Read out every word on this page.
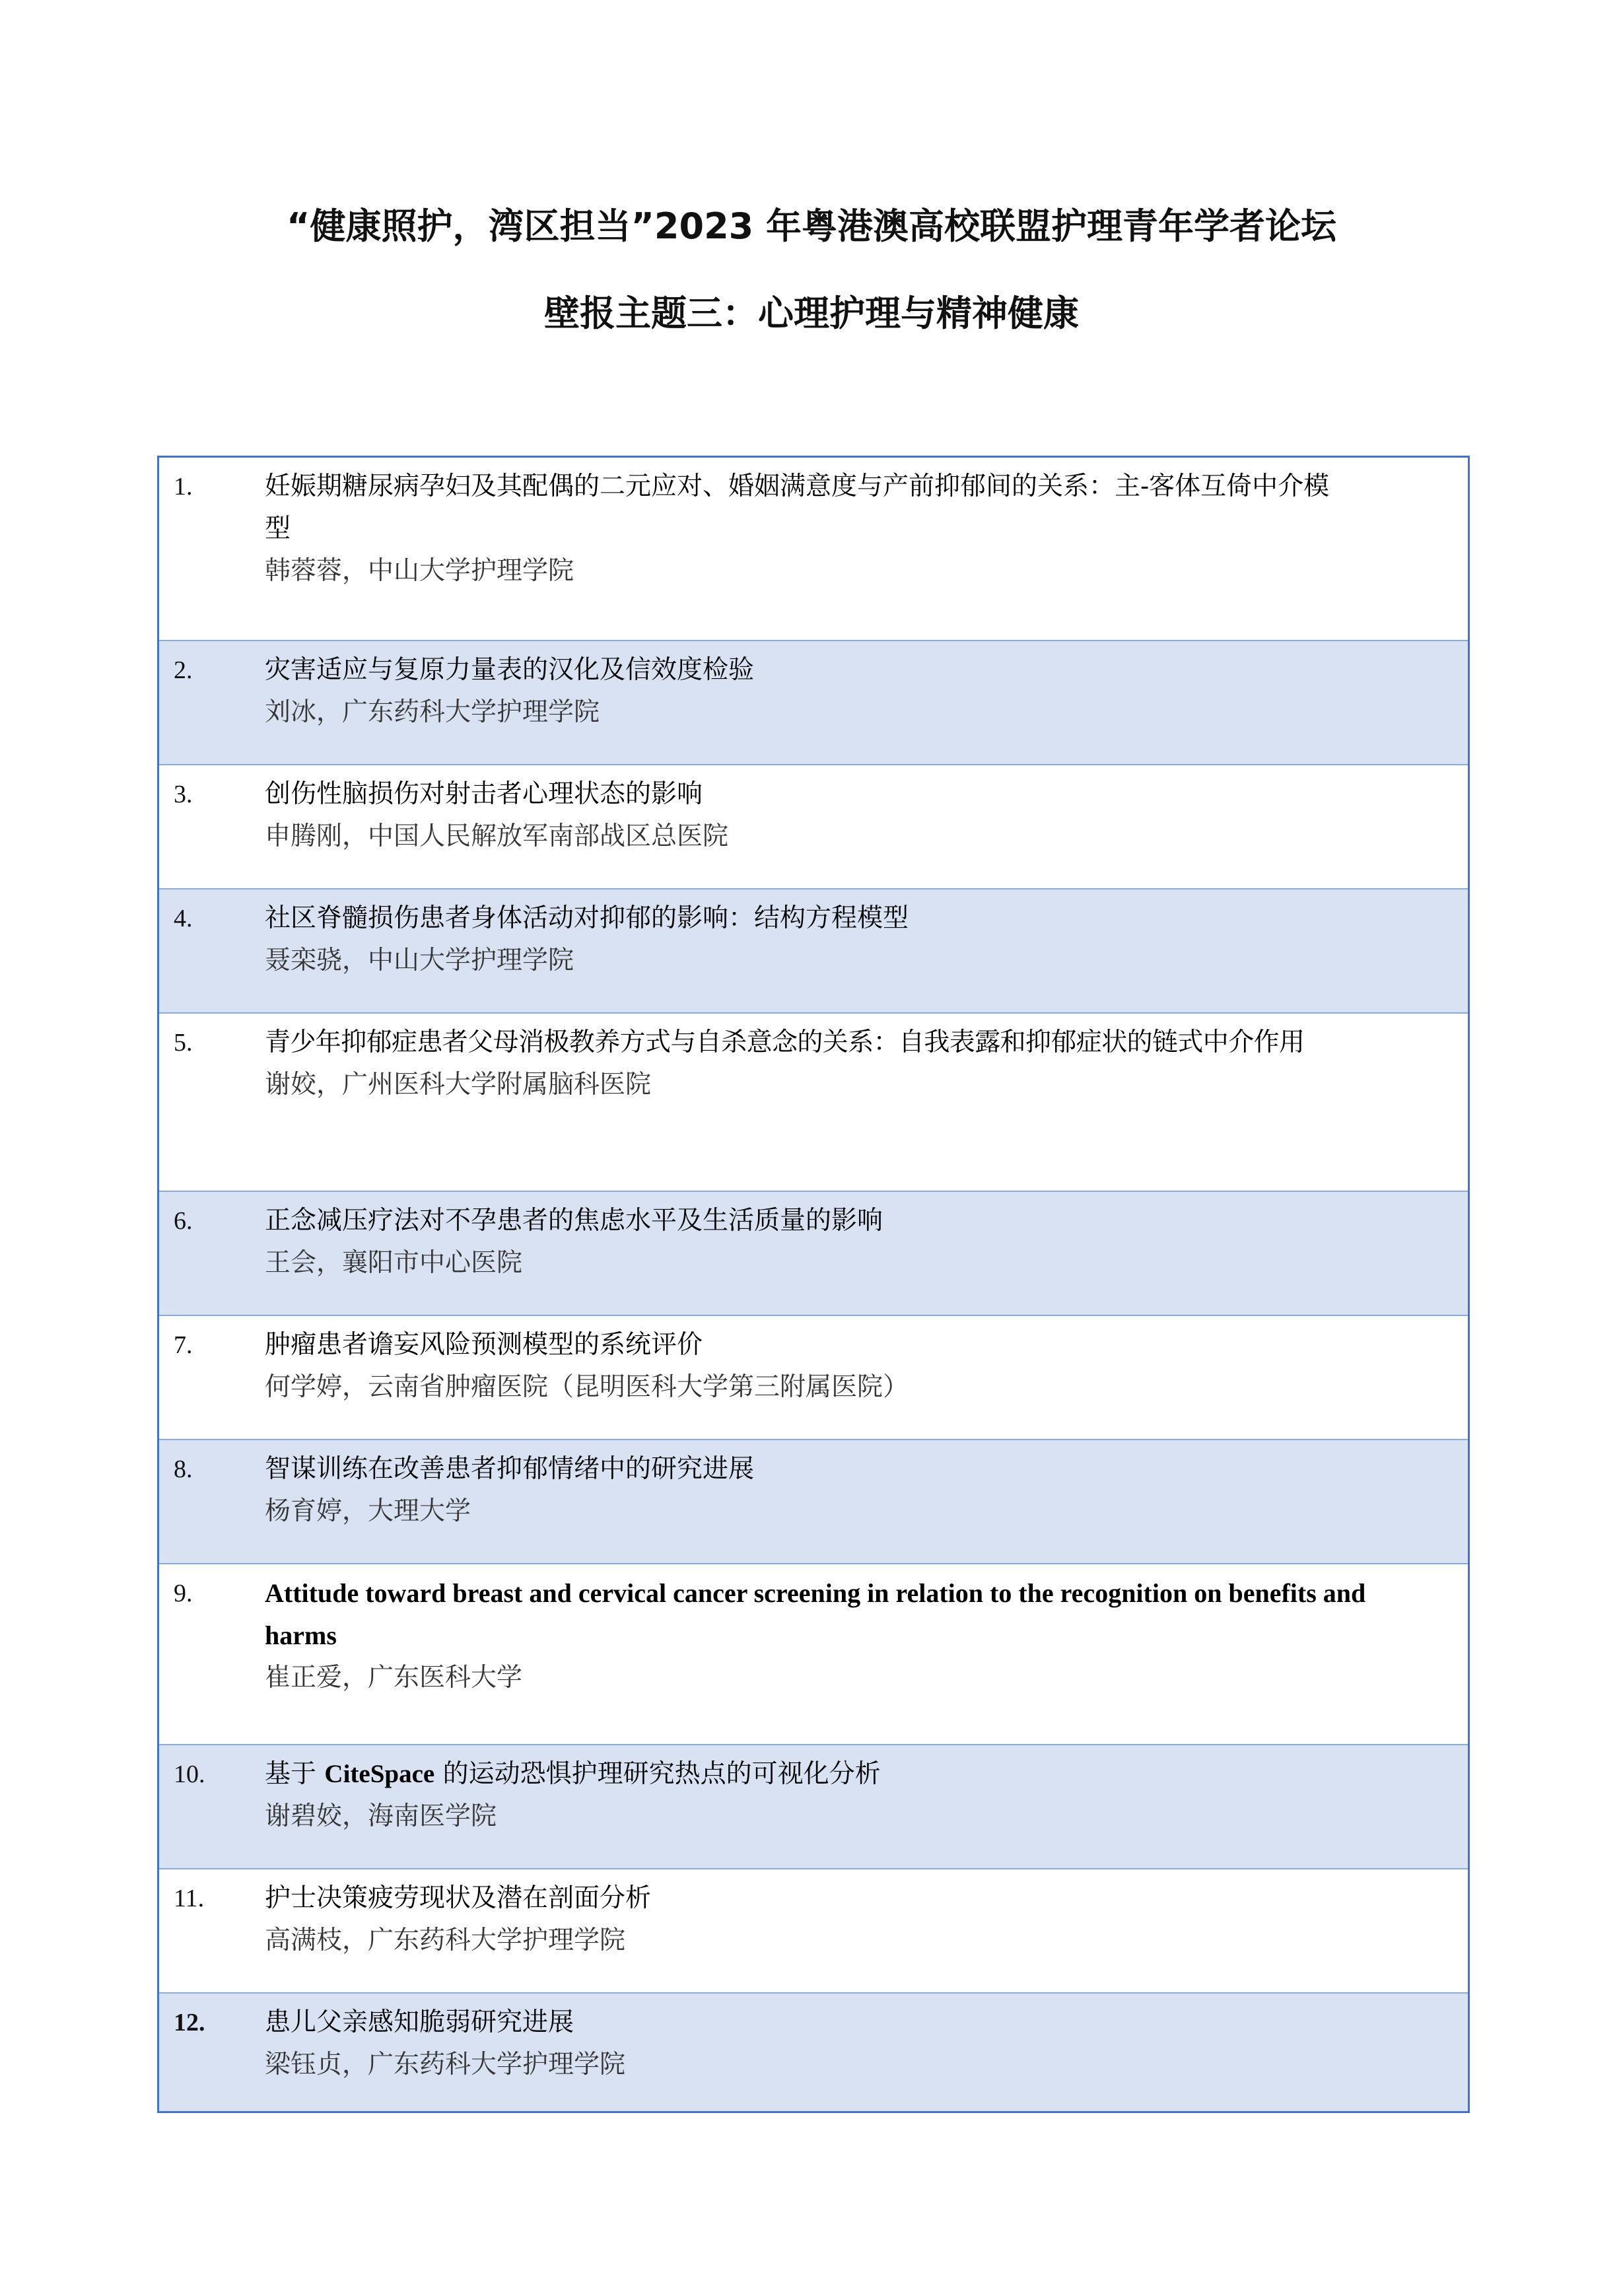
“健康照护，湾区担当”2023 年粤港澳高校联盟护理青年学者论坛
壁报主题三：心理护理与精神健康
1.	妊娠期糖尿病孕妇及其配偶的二元应对、婚姻满意度与产前抑郁间的关系：主-客体互倚中介模
型
韩蓉蓉，中山大学护理学院
2.	灾害适应与复原力量表的汉化及信效度检验
刘冰，广东药科大学护理学院
3.	创伤性脑损伤对射击者心理状态的影响
申腾刚，中国人民解放军南部战区总医院
4.	社区脊髓损伤患者身体活动对抑郁的影响：结构方程模型
聂栾骁，中山大学护理学院
5.	青少年抑郁症患者父母消极教养方式与自杀意念的关系：自我表露和抑郁症状的链式中介作用
谢姣，广州医科大学附属脑科医院
6.	正念减压疗法对不孕患者的焦虑水平及生活质量的影响
王会，襄阳市中心医院
7.	肿瘤患者谵妄风险预测模型的系统评价
何学婷，云南省肿瘤医院（昆明医科大学第三附属医院）
8.	智谋训练在改善患者抑郁情绪中的研究进展
杨育婷，大理大学
9.	Attitude toward breast and cervical cancer screening in relation to the recognition on benefits and
harms
崔正爱，广东医科大学
10. 基于 CiteSpace 的运动恐惧护理研究热点的可视化分析
谢碧姣，海南医学院
11. 护士决策疲劳现状及潜在剖面分析
高满枝，广东药科大学护理学院
12. 患儿父亲感知脆弱研究进展
梁钰贞，广东药科大学护理学院
